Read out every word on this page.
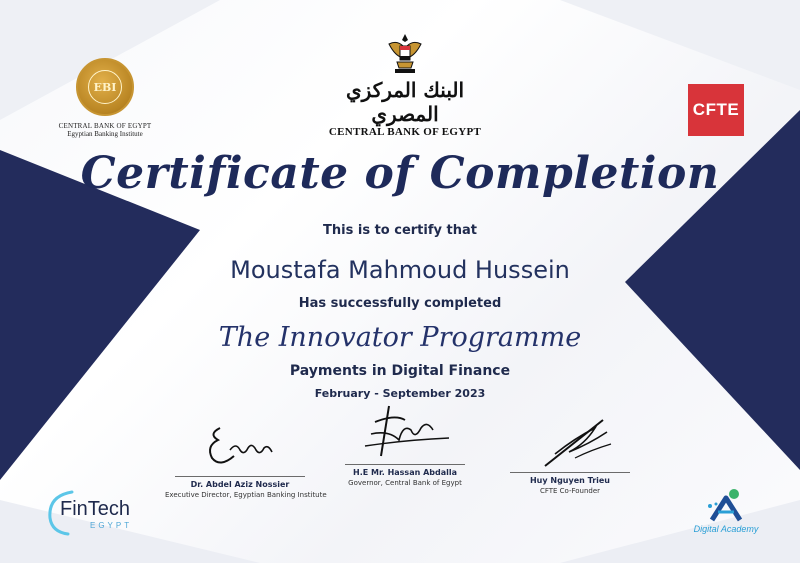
EBI
CENTRAL BANK OF EGYPT
Egyptian Banking Institute
البنك المركزي المصري
CENTRAL BANK OF EGYPT
CFTE
Certificate of Completion
This is to certify that
Moustafa Mahmoud Hussein
Has successfully completed
The Innovator Programme
Payments in Digital Finance
February - September 2023
Dr. Abdel Aziz Nossier
Executive Director, Egyptian Banking Institute
H.E Mr. Hassan Abdalla
Governor, Central Bank of Egypt	Huy Nguyen Trieu
CFTE Co-Founder
FinTech
EGYPT	Digital Academy
